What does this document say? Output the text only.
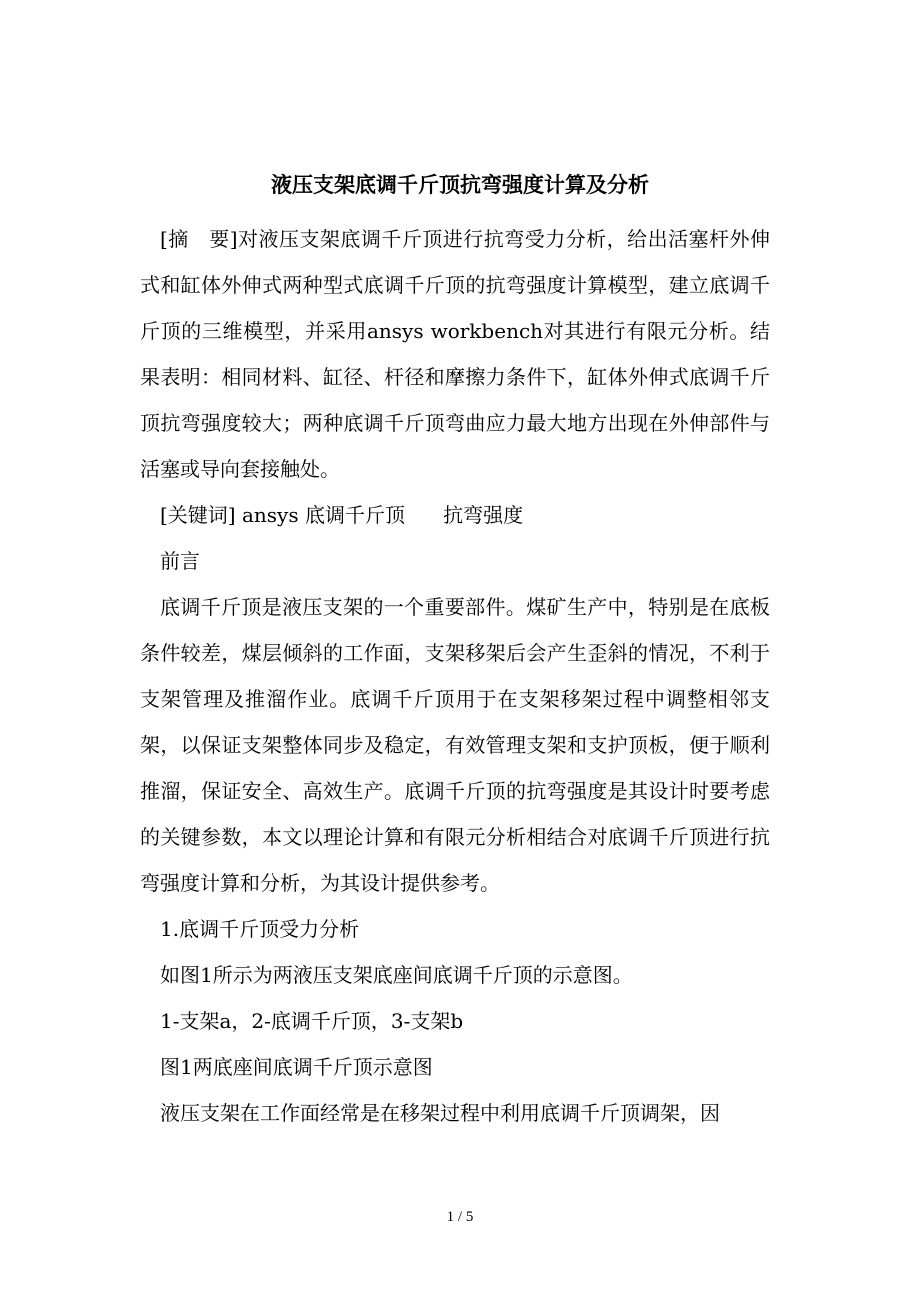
液压支架底调千斤顶抗弯强度计算及分析

[摘　要]对液压支架底调千斤顶进行抗弯受力分析，给出活塞杆外伸式和缸体外伸式两种型式底调千斤顶的抗弯强度计算模型，建立底调千斤顶的三维模型，并采用ansys workbench对其进行有限元分析。结果表明：相同材料、缸径、杆径和摩擦力条件下，缸体外伸式底调千斤顶抗弯强度较大；两种底调千斤顶弯曲应力最大地方出现在外伸部件与活塞或导向套接触处。

[关键词] ansys 底调千斤顶      抗弯强度

前言

底调千斤顶是液压支架的一个重要部件。煤矿生产中，特别是在底板条件较差，煤层倾斜的工作面，支架移架后会产生歪斜的情况，不利于支架管理及推溜作业。底调千斤顶用于在支架移架过程中调整相邻支架，以保证支架整体同步及稳定，有效管理支架和支护顶板，便于顺利推溜，保证安全、高效生产。底调千斤顶的抗弯强度是其设计时要考虑的关键参数，本文以理论计算和有限元分析相结合对底调千斤顶进行抗弯强度计算和分析，为其设计提供参考。

1.底调千斤顶受力分析

如图1所示为两液压支架底座间底调千斤顶的示意图。

1-支架a，2-底调千斤顶，3-支架b

图1两底座间底调千斤顶示意图

液压支架在工作面经常是在移架过程中利用底调千斤顶调架，因

1 / 5
